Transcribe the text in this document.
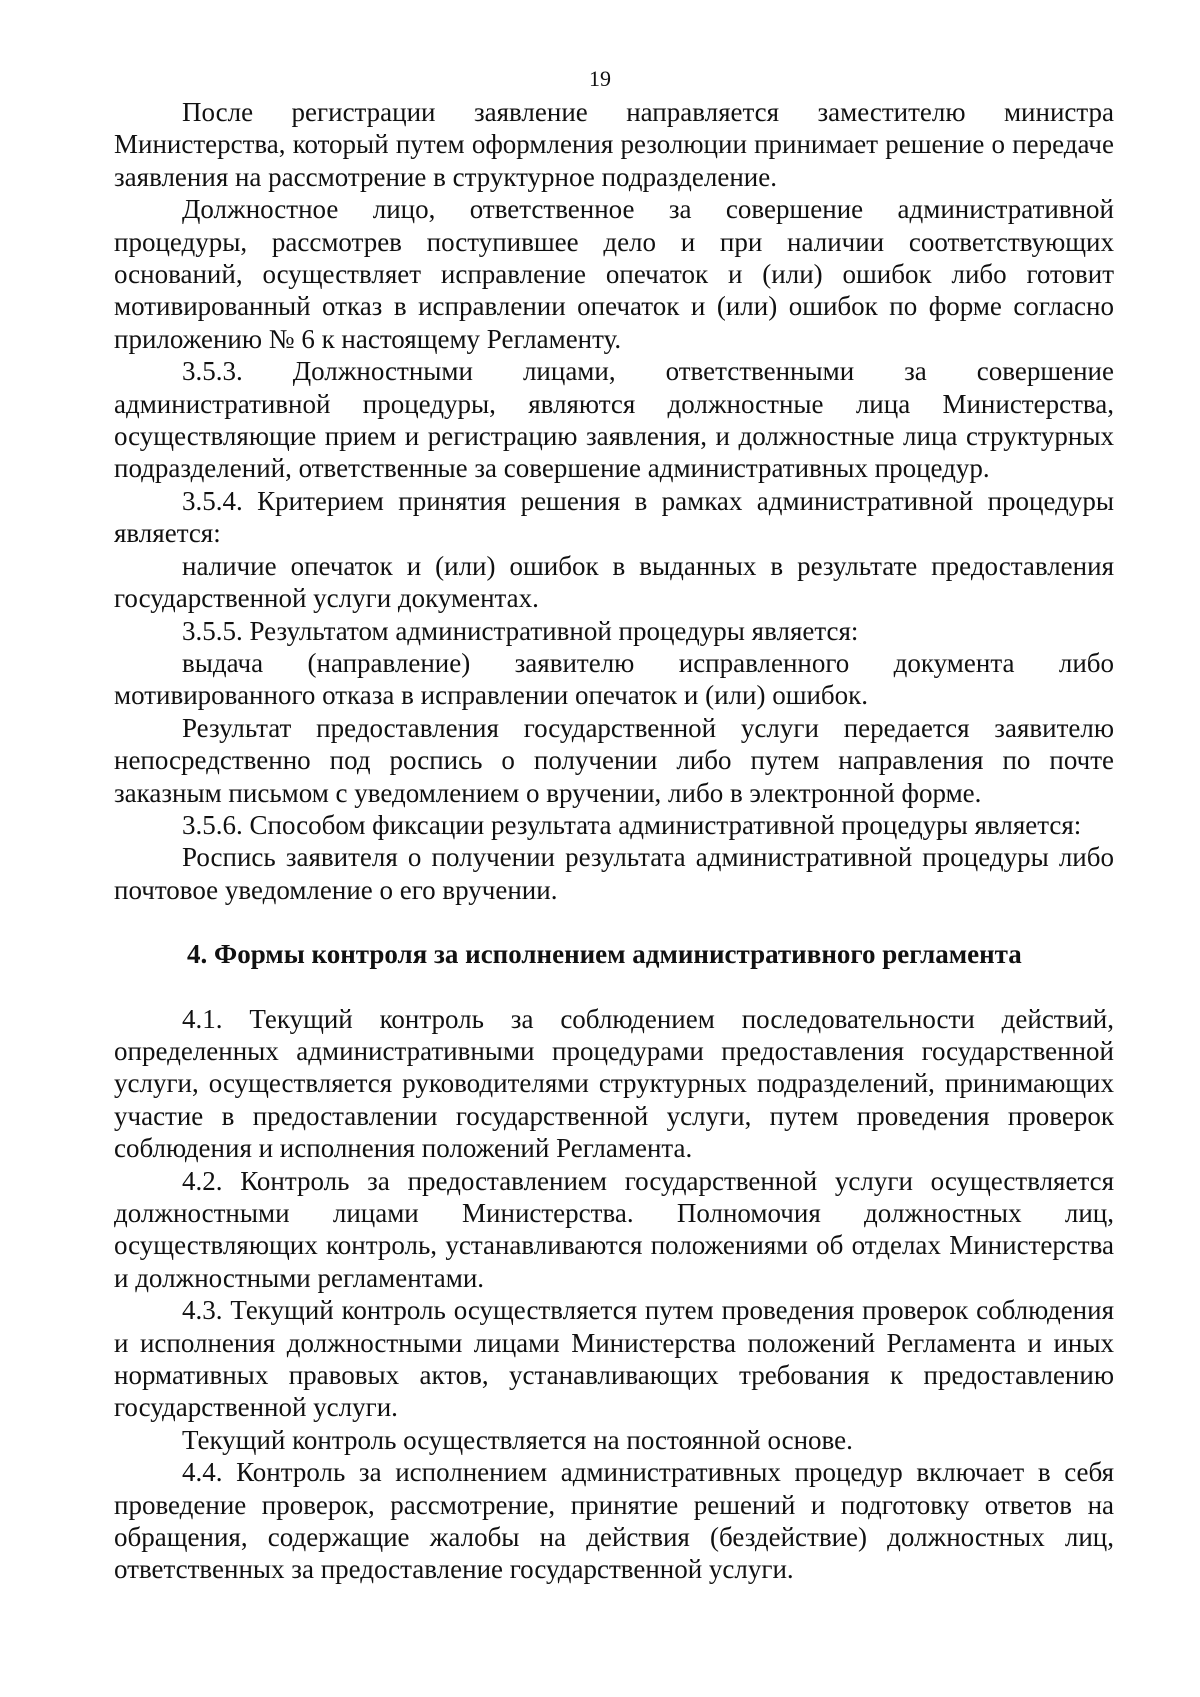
19

После регистрации заявление направляется заместителю министра Министерства, который путем оформления резолюции принимает решение о передаче заявления на рассмотрение в структурное подразделение.

Должностное лицо, ответственное за совершение административной процедуры, рассмотрев поступившее дело и при наличии соответствующих оснований, осуществляет исправление опечаток и (или) ошибок либо готовит мотивированный отказ в исправлении опечаток и (или) ошибок по форме согласно приложению № 6 к настоящему Регламенту.

3.5.3. Должностными лицами, ответственными за совершение административной процедуры, являются должностные лица Министерства, осуществляющие прием и регистрацию заявления, и должностные лица структурных подразделений, ответственные за совершение административных процедур.

3.5.4. Критерием принятия решения в рамках административной процедуры является:

наличие опечаток и (или) ошибок в выданных в результате предоставления государственной услуги документах.

3.5.5. Результатом административной процедуры является:

выдача (направление) заявителю исправленного документа либо мотивированного отказа в исправлении опечаток и (или) ошибок.

Результат предоставления государственной услуги передается заявителю непосредственно под роспись о получении либо путем направления по почте заказным письмом с уведомлением о вручении, либо в электронной форме.

3.5.6. Способом фиксации результата административной процедуры является:

Роспись заявителя о получении результата административной процедуры либо почтовое уведомление о его вручении.

4. Формы контроля за исполнением административного регламента

4.1. Текущий контроль за соблюдением последовательности действий, определенных административными процедурами предоставления государственной услуги, осуществляется руководителями структурных подразделений, принимающих участие в предоставлении государственной услуги, путем проведения проверок соблюдения и исполнения положений Регламента.

4.2. Контроль за предоставлением государственной услуги осуществляется должностными лицами Министерства. Полномочия должностных лиц, осуществляющих контроль, устанавливаются положениями об отделах Министерства и должностными регламентами.

4.3. Текущий контроль осуществляется путем проведения проверок соблюдения и исполнения должностными лицами Министерства положений Регламента и иных нормативных правовых актов, устанавливающих требования к предоставлению государственной услуги.

Текущий контроль осуществляется на постоянной основе.

4.4. Контроль за исполнением административных процедур включает в себя проведение проверок, рассмотрение, принятие решений и подготовку ответов на обращения, содержащие жалобы на действия (бездействие) должностных лиц, ответственных за предоставление государственной услуги.
